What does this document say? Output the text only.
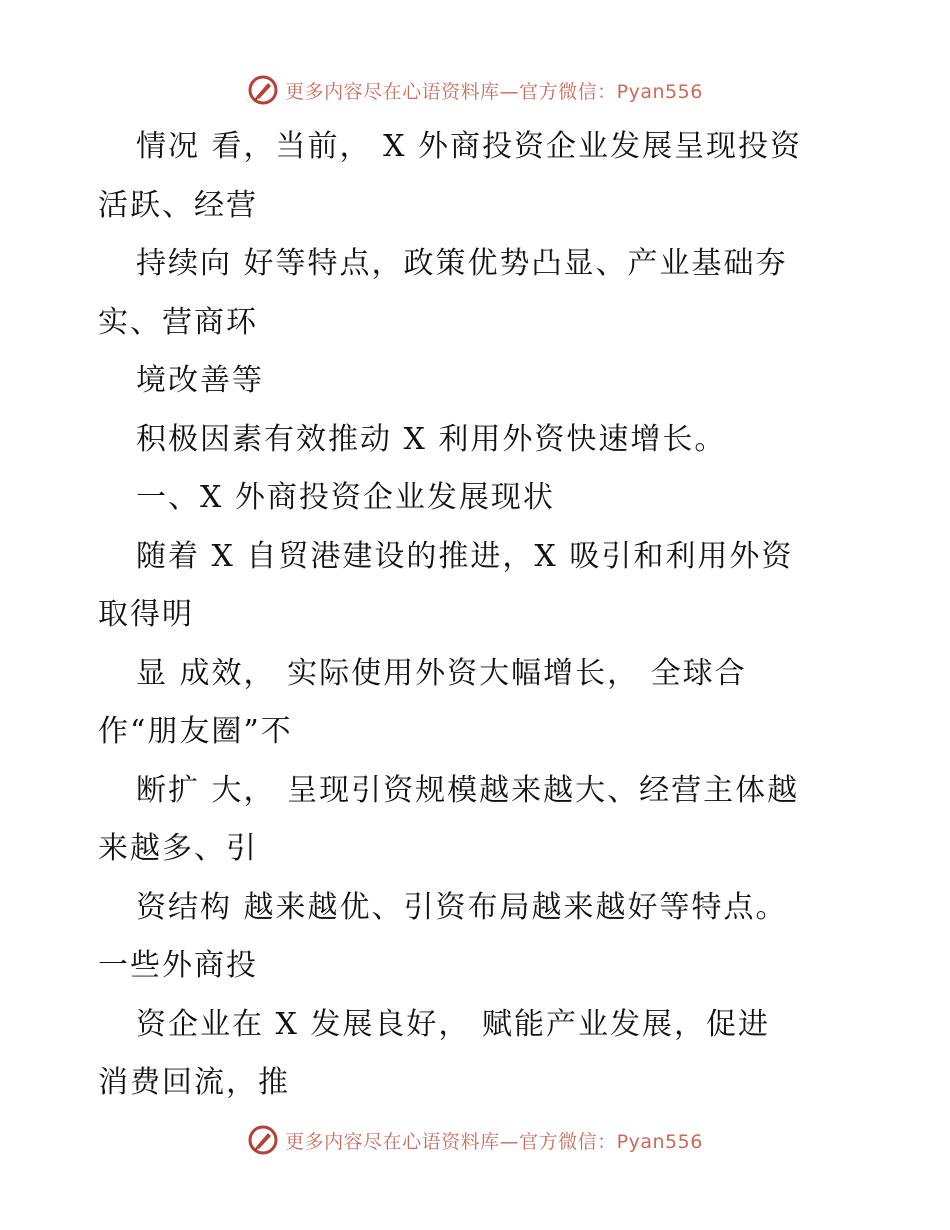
更多内容尽在心语资料库—官方微信：Pyan556
情况 看，当前， X 外商投资企业发展呈现投资
活跃、经营
持续向 好等特点，政策优势凸显、产业基础夯
实、营商环
境改善等
积极因素有效推动 X 利用外资快速增长。
一、X 外商投资企业发展现状
随着 X 自贸港建设的推进，X 吸引和利用外资
取得明
显 成效， 实际使用外资大幅增长， 全球合
作“朋友圈”不
断扩 大， 呈现引资规模越来越大、经营主体越
来越多、引
资结构 越来越优、引资布局越来越好等特点。
一些外商投
资企业在 X 发展良好， 赋能产业发展，促进
消费回流，推
更多内容尽在心语资料库—官方微信：Pyan556
